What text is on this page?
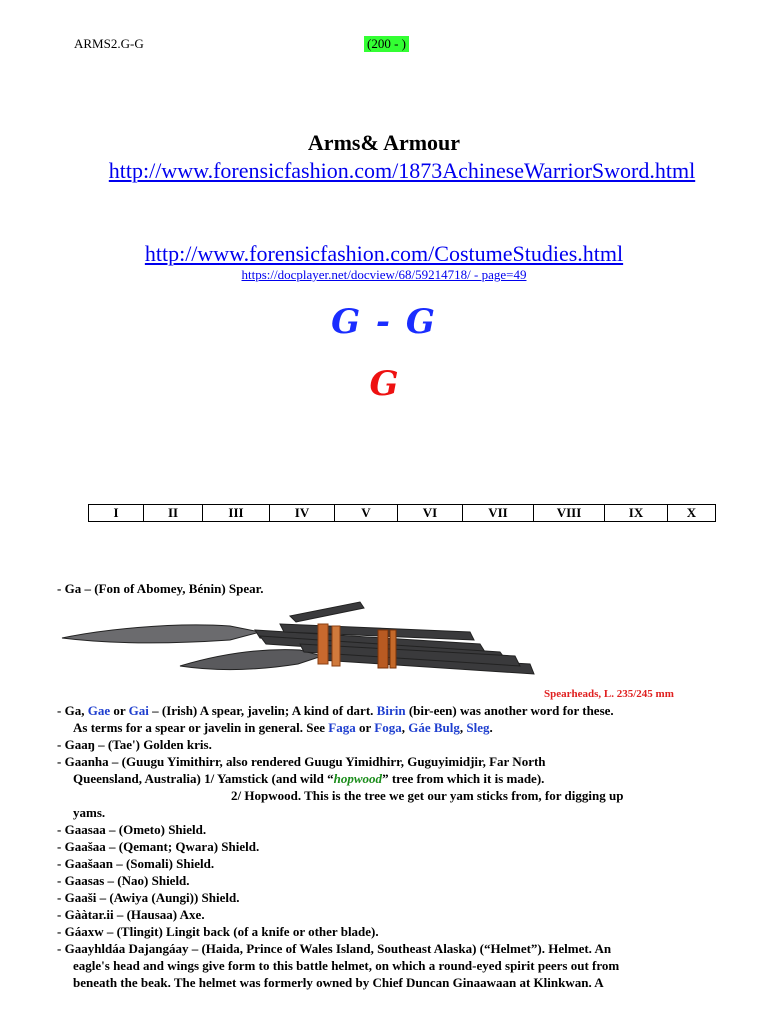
ARMS2.G-G	(200 - )
Arms& Armour
http://www.forensicfashion.com/1873AchineseWarriorSword.html
http://www.forensicfashion.com/CostumeStudies.html
https://docplayer.net/docview/68/59214718/ - page=49
G - G
G
I	II	III	IV	V	VI	VII	VIII	IX	X

- Ga – (Fon of Abomey, Bénin) Spear.

Spearheads, L. 235/245 mm

- Ga, Gae or Gai – (Irish) A spear, javelin; A kind of dart. Birin (bir-een) was another word for these.

As terms for a spear or javelin in general. See Faga or Foga, Gáe Bulg, Sleg.

- Gaaŋ – (Tae') Golden kris.

- Gaanha – (Guugu Yimithirr, also rendered Guugu Yimidhirr, Guguyimidjir, Far North

Queensland, Australia) 1/ Yamstick (and wild “hopwood” tree from which it is made).

2/ Hopwood. This is the tree we get our yam sticks from, for digging up

yams.

- Gaasaa – (Ometo) Shield.

- Gaašaa – (Qemant; Qwara) Shield.

- Gaašaan – (Somali) Shield.

- Gaasas – (Nao) Shield.

- Gaaši – (Awiya (Aungi)) Shield.

- Gààtar.ii – (Hausaa) Axe.

- Gáaxw – (Tlingit) Lingit back (of a knife or other blade).

- Gaayhldáa Dajangáay – (Haida, Prince of Wales Island, Southeast Alaska) (“Helmet”). Helmet. An

eagle's head and wings give form to this battle helmet, on which a round-eyed spirit peers out from

beneath the beak. The helmet was formerly owned by Chief Duncan Ginaawaan at Klinkwan. A
